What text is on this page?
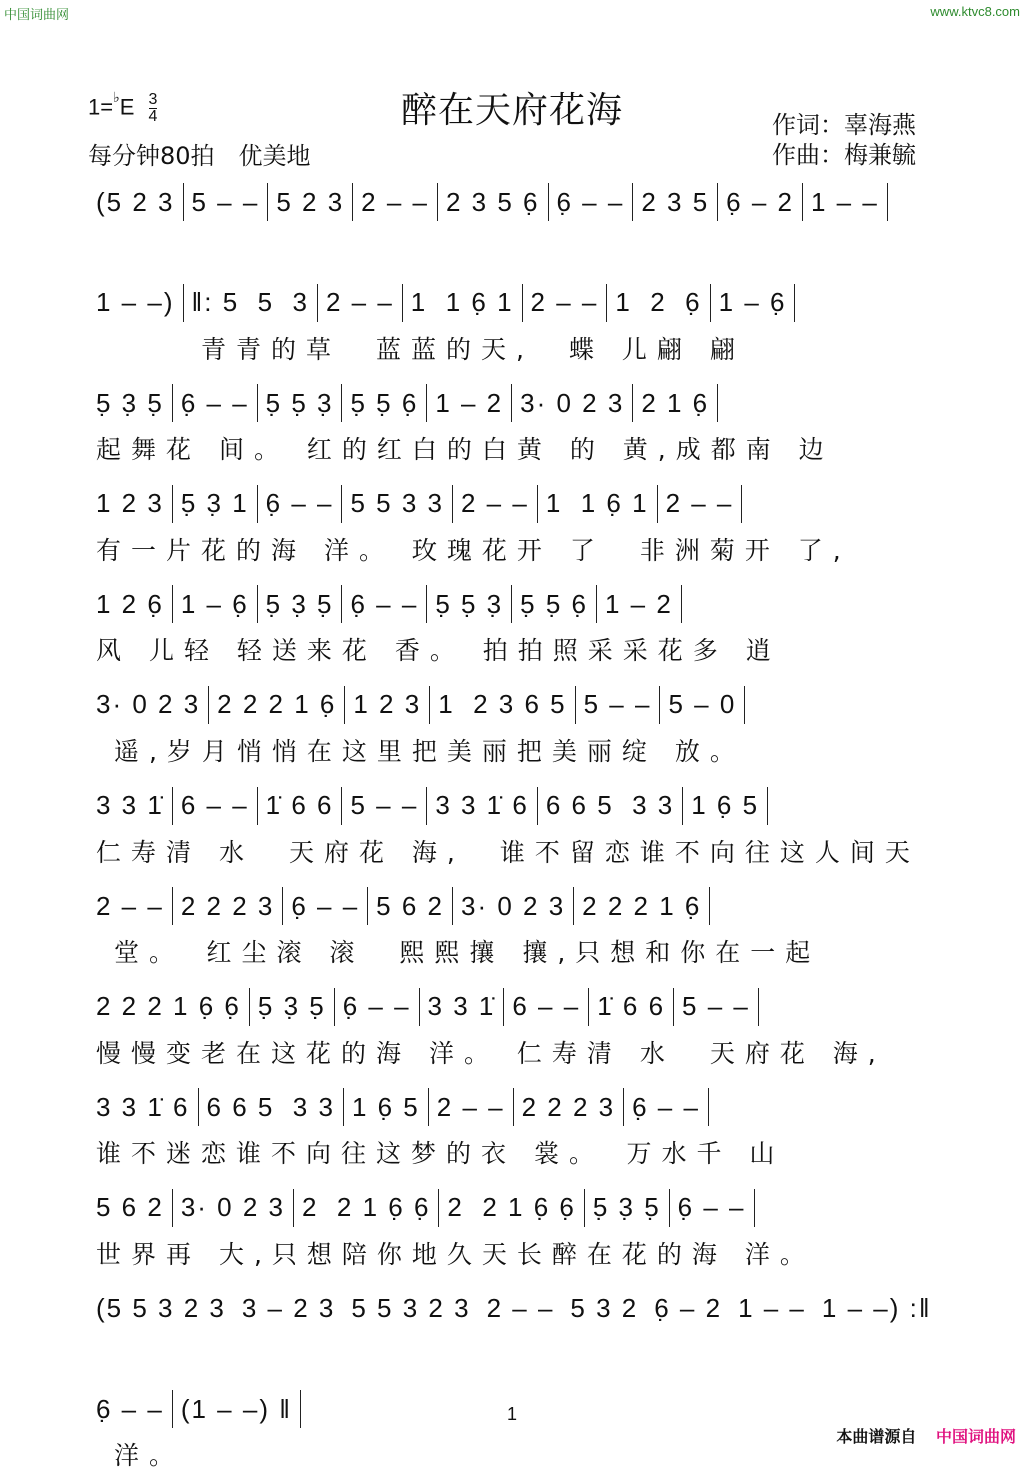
中国词曲网	www.ktvc8.com
醉在天府花海
$1=^♭E \frac{3}{4}$
每分钟80拍　优美地
作词：辜海燕
作曲：梅兼毓
(5 2 3 5 – – 5 2 3 2 – – 2 3 5 6̣ 6̣ – – 2 3 5 6̣ – 2 1 – –
1 – –) ‖: 5  5  3 2 – – 1  1 6̣ 1 2 – – 1  2  6̣ 1 – 6̣
　　　青青的草　蓝蓝的天,　蝶 儿翩 翩
5̣ 3̣ 5̣ 6̣ – – 5̣ 5̣ 3̣ 5̣ 5̣ 6̣ 1 – 2 3· 0 2 3 2 1 6̣
起舞花 间。 红的红白的白黄 的 黄,成都南 边
1 2 3 5̣ 3̣ 1 6̣ – – 5 5 3 3 2 – – 1  1 6̣ 1 2 – –
有一片花的海 洋。 玫瑰花开 了　非洲菊开 了,
1 2 6̣ 1 – 6̣ 5̣ 3̣ 5̣ 6̣ – – 5̣ 5̣ 3̣ 5̣ 5̣ 6̣ 1 – 2
风 儿轻 轻送来花 香。 拍拍照采采花多 逍
3· 0 2 3 2 2 2 1 6̣ 1 2 3 1  2 3 6 5 5 – – 5 – 0
遥,岁月悄悄在这里把美丽把美丽绽 放。
3 3 1̇ 6 – – 1̇ 6 6 5 – – 3 3 1̇ 6 6 6 5  3 3 1 6̣ 5
仁寿清 水　天府花 海,　谁不留恋谁不向往这人间天
2 – – 2 2 2 3 6̣ – – 5 6 2 3· 0 2 3 2 2 2 1 6̣
堂。　红尘滚 滚　熙熙攘 攘,只想和你在一起
2 2 2 1 6̣ 6̣ 5̣ 3̣ 5̣ 6̣ – – 3 3 1̇ 6 – – 1̇ 6 6 5 – –
慢慢变老在这花的海 洋。 仁寿清 水　天府花 海,
3 3 1̇ 6 6 6 5  3 3 1 6̣ 5 2 – – 2 2 2 3 6̣ – –
谁不迷恋谁不向往这梦的衣 裳。　万水千 山
5 6 2 3· 0 2 3 2  2 1 6̣ 6̣ 2  2 1 6̣ 6̣ 5̣ 3̣ 5̣ 6̣ – –
世界再 大,只想陪你地久天长醉在花的海 洋。
(5 5 3 2 3 3 – 2 3 5 5 3 2 3 2 – – 5 3 2 6̣ – 2 1 – – 1 – –) :‖
6̣ – – (1 – –) ‖
洋。
1
本曲谱源自 中国词曲网
